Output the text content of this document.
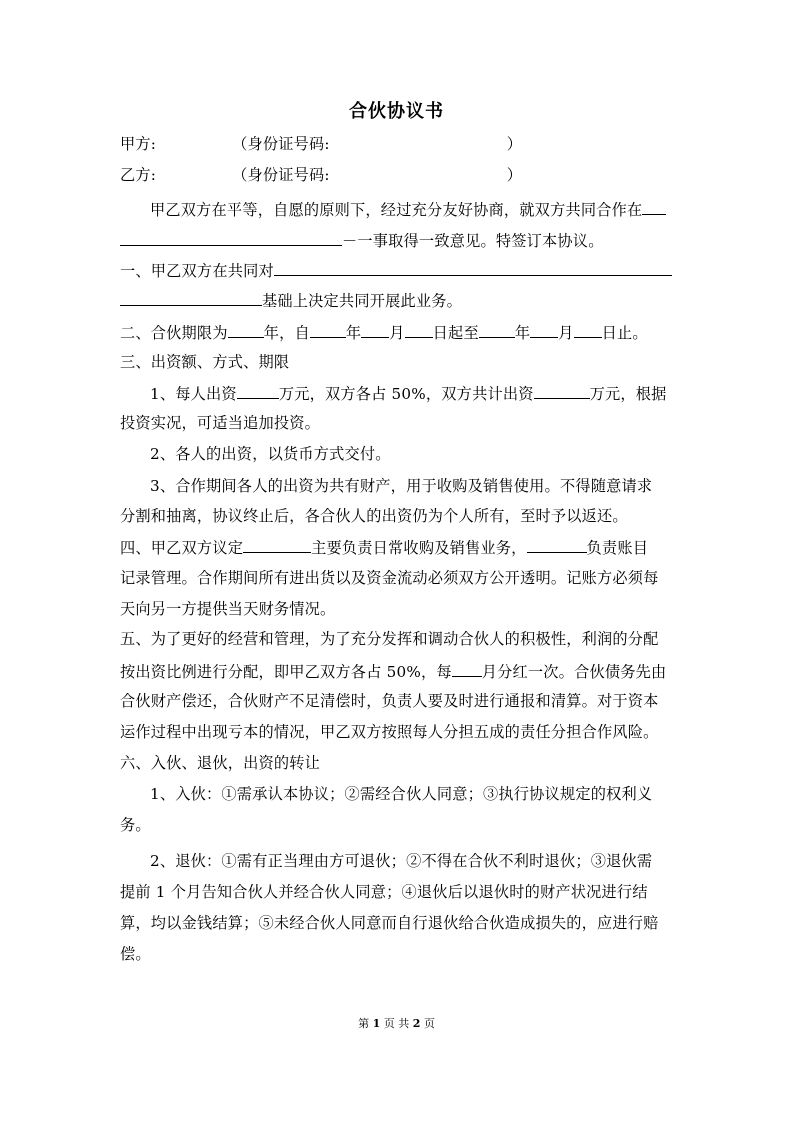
合伙协议书
甲方:	（身份证号码:	）
乙方:	（身份证号码:	）
甲乙双方在平等，自愿的原则下，经过充分友好协商，就双方共同合作在
－一事取得一致意见。特签订本协议。
一、甲乙双方在共同对
基础上决定共同开展此业务。
二、合伙期限为 年，自 年 月 日起至 年 月 日止。
三、出资额、方式、期限
1、每人出资	万元，双方各占 50%，双方共计出资	万元，根据
投资实况，可适当追加投资。
2、各人的出资，以货币方式交付。
3、合作期间各人的出资为共有财产，用于收购及销售使用。不得随意请求
分割和抽离，协议终止后，各合伙人的出资仍为个人所有，至时予以返还。
四、甲乙双方议定	主要负责日常收购及销售业务，	负责账目
记录管理。合作期间所有进出货以及资金流动必须双方公开透明。记账方必须每
天向另一方提供当天财务情况。
五、为了更好的经营和管理，为了充分发挥和调动合伙人的积极性，利润的分配
按出资比例进行分配，即甲乙双方各占 50%，每 月分红一次。合伙债务先由
合伙财产偿还，合伙财产不足清偿时，负责人要及时进行通报和清算。对于资本
运作过程中出现亏本的情况，甲乙双方按照每人分担五成的责任分担合作风险。
六、入伙、退伙，出资的转让
1、入伙：①需承认本协议；②需经合伙人同意；③执行协议规定的权利义
务。
2、退伙：①需有正当理由方可退伙；②不得在合伙不利时退伙；③退伙需
提前 1 个月告知合伙人并经合伙人同意；④退伙后以退伙时的财产状况进行结
算，均以金钱结算；⑤未经合伙人同意而自行退伙给合伙造成损失的，应进行赔
偿。
第 1 页 共 2 页
